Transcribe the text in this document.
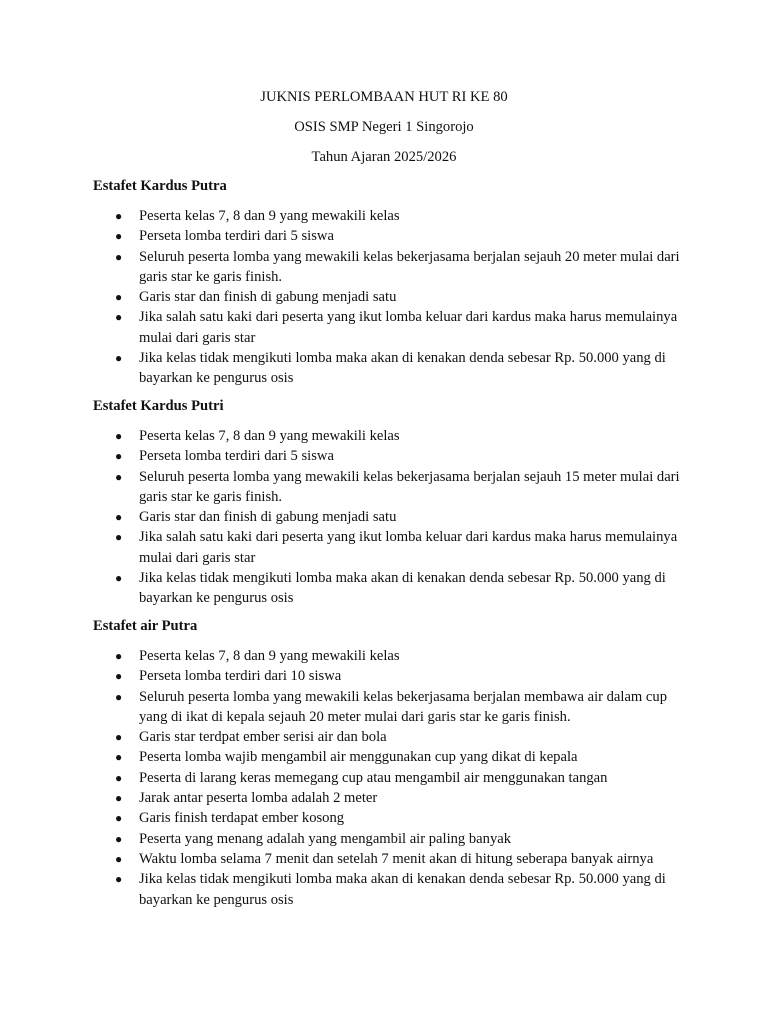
JUKNIS PERLOMBAAN HUT RI KE 80
OSIS SMP Negeri 1 Singorojo
Tahun Ajaran 2025/2026

Estafet Kardus Putra

● Peserta kelas 7, 8 dan 9 yang mewakili kelas
● Perseta lomba terdiri dari 5 siswa
● Seluruh peserta lomba yang mewakili kelas bekerjasama berjalan sejauh 20 meter mulai dari garis star ke garis finish.
● Garis star dan finish di gabung menjadi satu
● Jika salah satu kaki dari peserta yang ikut lomba keluar dari kardus maka harus memulainya mulai dari garis star
● Jika kelas tidak mengikuti lomba maka akan di kenakan denda sebesar Rp. 50.000 yang di bayarkan ke pengurus osis

Estafet Kardus Putri

● Peserta kelas 7, 8 dan 9 yang mewakili kelas
● Perseta lomba terdiri dari 5 siswa
● Seluruh peserta lomba yang mewakili kelas bekerjasama berjalan sejauh 15 meter mulai dari garis star ke garis finish.
● Garis star dan finish di gabung menjadi satu
● Jika salah satu kaki dari peserta yang ikut lomba keluar dari kardus maka harus memulainya mulai dari garis star
● Jika kelas tidak mengikuti lomba maka akan di kenakan denda sebesar Rp. 50.000 yang di bayarkan ke pengurus osis

Estafet air Putra

● Peserta kelas 7, 8 dan 9 yang mewakili kelas
● Perseta lomba terdiri dari 10 siswa
● Seluruh peserta lomba yang mewakili kelas bekerjasama berjalan membawa air dalam cup yang di ikat di kepala sejauh 20 meter mulai dari garis star ke garis finish.
● Garis star terdpat ember serisi air dan bola
● Peserta lomba wajib mengambil air menggunakan cup yang dikat di kepala
● Peserta di larang keras memegang cup atau mengambil air menggunakan tangan
● Jarak antar peserta lomba adalah 2 meter
● Garis finish terdapat ember kosong
● Peserta yang menang adalah yang mengambil air paling banyak
● Waktu lomba selama 7 menit dan setelah 7 menit akan di hitung seberapa banyak airnya
● Jika kelas tidak mengikuti lomba maka akan di kenakan denda sebesar Rp. 50.000 yang di bayarkan ke pengurus osis
